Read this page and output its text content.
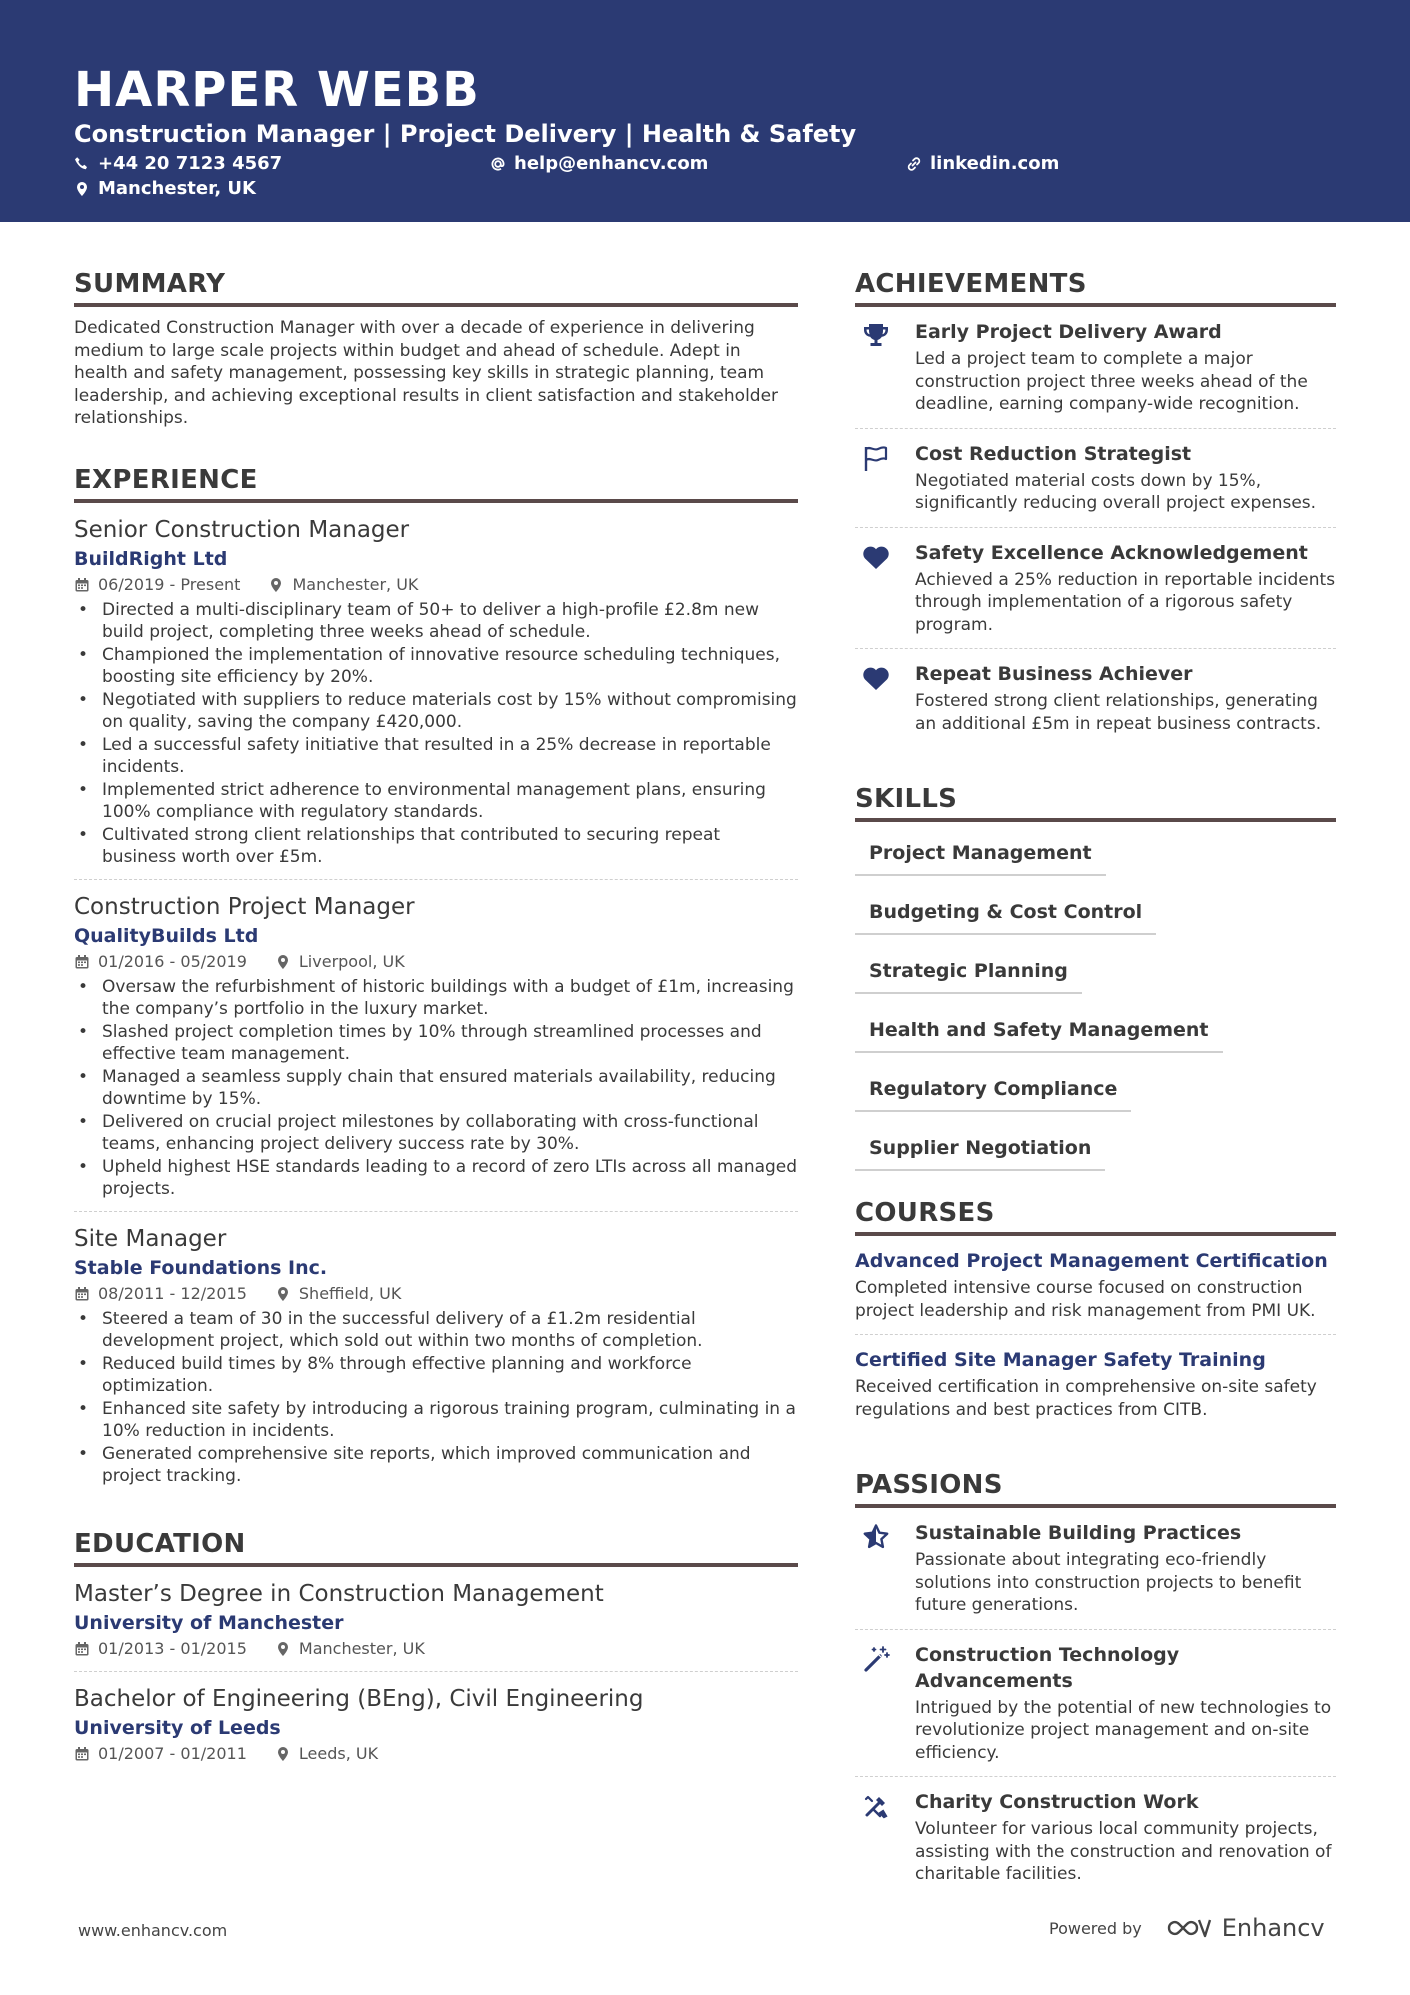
HARPER WEBB
Construction Manager | Project Delivery | Health & Safety
+44 20 7123 4567	help@enhancv.com	linkedin.com
Manchester, UK
SUMMARY
Dedicated Construction Manager with over a decade of experience in delivering medium to large scale projects within budget and ahead of schedule. Adept in health and safety management, possessing key skills in strategic planning, team leadership, and achieving exceptional results in client satisfaction and stakeholder relationships.
EXPERIENCE
Senior Construction Manager
BuildRight Ltd
06/2019 - Present	Manchester, UK
• Directed a multi-disciplinary team of 50+ to deliver a high-profile £2.8m new build project, completing three weeks ahead of schedule.
• Championed the implementation of innovative resource scheduling techniques, boosting site efficiency by 20%.
• Negotiated with suppliers to reduce materials cost by 15% without compromising on quality, saving the company £420,000.
• Led a successful safety initiative that resulted in a 25% decrease in reportable incidents.
• Implemented strict adherence to environmental management plans, ensuring 100% compliance with regulatory standards.
• Cultivated strong client relationships that contributed to securing repeat business worth over £5m.
Construction Project Manager
QualityBuilds Ltd
01/2016 - 05/2019	Liverpool, UK
• Oversaw the refurbishment of historic buildings with a budget of £1m, increasing the company’s portfolio in the luxury market.
• Slashed project completion times by 10% through streamlined processes and effective team management.
• Managed a seamless supply chain that ensured materials availability, reducing downtime by 15%.
• Delivered on crucial project milestones by collaborating with cross-functional teams, enhancing project delivery success rate by 30%.
• Upheld highest HSE standards leading to a record of zero LTIs across all managed projects.
Site Manager
Stable Foundations Inc.
08/2011 - 12/2015	Sheffield, UK
• Steered a team of 30 in the successful delivery of a £1.2m residential development project, which sold out within two months of completion.
• Reduced build times by 8% through effective planning and workforce optimization.
• Enhanced site safety by introducing a rigorous training program, culminating in a 10% reduction in incidents.
• Generated comprehensive site reports, which improved communication and project tracking.
EDUCATION
Master’s Degree in Construction Management
University of Manchester
01/2013 - 01/2015	Manchester, UK
Bachelor of Engineering (BEng), Civil Engineering
University of Leeds
01/2007 - 01/2011	Leeds, UK
ACHIEVEMENTS
Early Project Delivery Award
Led a project team to complete a major construction project three weeks ahead of the deadline, earning company-wide recognition.
Cost Reduction Strategist
Negotiated material costs down by 15%, significantly reducing overall project expenses.
Safety Excellence Acknowledgement
Achieved a 25% reduction in reportable incidents through implementation of a rigorous safety program.
Repeat Business Achiever
Fostered strong client relationships, generating an additional £5m in repeat business contracts.
SKILLS
Project Management
Budgeting & Cost Control
Strategic Planning
Health and Safety Management
Regulatory Compliance
Supplier Negotiation
COURSES
Advanced Project Management Certification
Completed intensive course focused on construction project leadership and risk management from PMI UK.
Certified Site Manager Safety Training
Received certification in comprehensive on-site safety regulations and best practices from CITB.
PASSIONS
Sustainable Building Practices
Passionate about integrating eco-friendly solutions into construction projects to benefit future generations.
Construction Technology Advancements
Intrigued by the potential of new technologies to revolutionize project management and on-site efficiency.
Charity Construction Work
Volunteer for various local community projects, assisting with the construction and renovation of charitable facilities.
www.enhancv.com	Powered by	Enhancv
